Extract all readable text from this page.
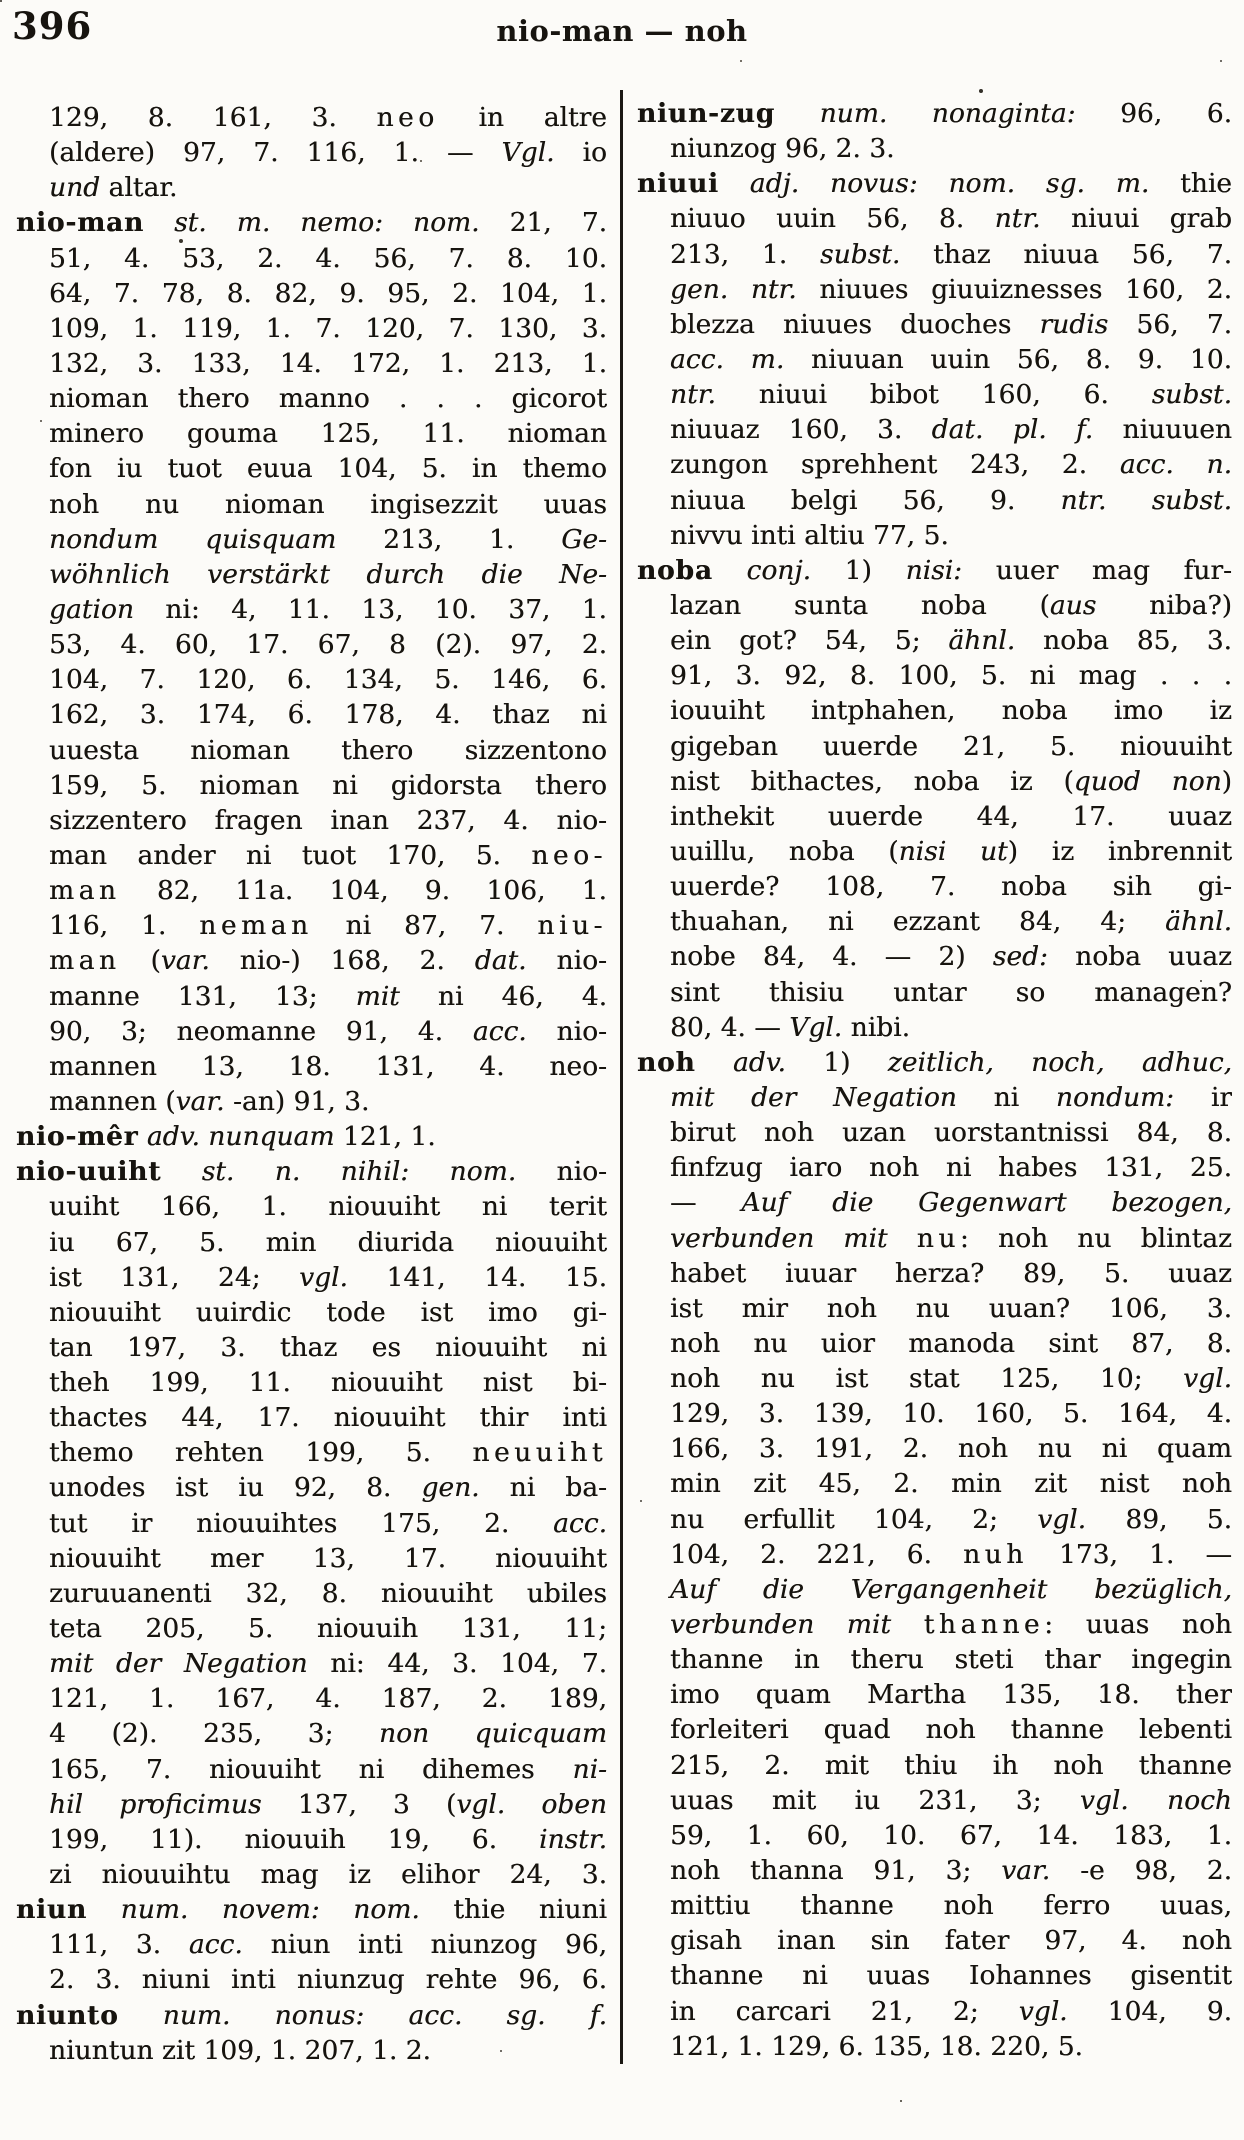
396	nio-man — noh
129, 8. 161, 3. neo in altre
(aldere) 97, 7. 116, 1. — Vgl. io
und altar.
nio-man st. m. nemo: nom. 21, 7.
51, 4. 53, 2. 4. 56, 7. 8. 10.
64, 7. 78, 8. 82, 9. 95, 2. 104, 1.
109, 1. 119, 1. 7. 120, 7. 130, 3.
132, 3. 133, 14. 172, 1. 213, 1.
nioman thero manno . . . gicorot
minero gouma 125, 11. nioman
fon iu tuot euua 104, 5. in themo
noh nu nioman ingisezzit uuas
nondum quisquam 213, 1. Ge-
wöhnlich verstärkt durch die Ne-
gation ni: 4, 11. 13, 10. 37, 1.
53, 4. 60, 17. 67, 8 (2). 97, 2.
104, 7. 120, 6. 134, 5. 146, 6.
162, 3. 174, 6. 178, 4. thaz ni
uuesta nioman thero sizzentono
159, 5. nioman ni gidorsta thero
sizzentero fragen inan 237, 4. nio-
man ander ni tuot 170, 5. neo-
man 82, 11a. 104, 9. 106, 1.
116, 1. neman ni 87, 7. niu-
man (var. nio-) 168, 2. dat. nio-
manne 131, 13; mit ni 46, 4.
90, 3; neomanne 91, 4. acc. nio-
mannen 13, 18. 131, 4. neo-
mannen (var. -an) 91, 3.
nio-mêr adv. nunquam 121, 1.
nio-uuiht st. n. nihil: nom. nio-
uuiht 166, 1. niouuiht ni terit
iu 67, 5. min diurida niouuiht
ist 131, 24; vgl. 141, 14. 15.
niouuiht uuirdic tode ist imo gi-
tan 197, 3. thaz es niouuiht ni
theh 199, 11. niouuiht nist bi-
thactes 44, 17. niouuiht thir inti
themo rehten 199, 5. neuuiht
unodes ist iu 92, 8. gen. ni ba-
tut ir niouuihtes 175, 2. acc.
niouuiht mer 13, 17. niouuiht
zuruuanenti 32, 8. niouuiht ubiles
teta 205, 5. niouuih 131, 11;
mit der Negation ni: 44, 3. 104, 7.
121, 1. 167, 4. 187, 2. 189,
4 (2). 235, 3; non quicquam
165, 7. niouuiht ni dihemes ni-
hil proficimus 137, 3 (vgl. oben
199, 11). niouuih 19, 6. instr.
zi niouuihtu mag iz elihor 24, 3.
niun num. novem: nom. thie niuni
111, 3. acc. niun inti niunzog 96,
2. 3. niuni inti niunzug rehte 96, 6.
niunto num. nonus: acc. sg. f.
niuntun zit 109, 1. 207, 1. 2.
niun-zug num. nonaginta: 96, 6.
niunzog 96, 2. 3.
niuui adj. novus: nom. sg. m. thie
niuuo uuin 56, 8. ntr. niuui grab
213, 1. subst. thaz niuua 56, 7.
gen. ntr. niuues giuuiznesses 160, 2.
blezza niuues duoches rudis 56, 7.
acc. m. niuuan uuin 56, 8. 9. 10.
ntr. niuui bibot 160, 6. subst.
niuuaz 160, 3. dat. pl. f. niuuuen
zungon sprehhent 243, 2. acc. n.
niuua belgi 56, 9. ntr. subst.
nivvu inti altiu 77, 5.
noba conj. 1) nisi: uuer mag fur-
lazan sunta noba (aus niba?)
ein got? 54, 5; ähnl. noba 85, 3.
91, 3. 92, 8. 100, 5. ni mag . . .
iouuiht intphahen, noba imo iz
gigeban uuerde 21, 5. niouuiht
nist bithactes, noba iz (quod non)
inthekit uuerde 44, 17. uuaz
uuillu, noba (nisi ut) iz inbrennit
uuerde? 108, 7. noba sih gi-
thuahan, ni ezzant 84, 4; ähnl.
nobe 84, 4. — 2) sed: noba uuaz
sint thisiu untar so managen?
80, 4. — Vgl. nibi.
noh adv. 1) zeitlich, noch, adhuc,
mit der Negation ni nondum: ir
birut noh uzan uorstantnissi 84, 8.
finfzug iaro noh ni habes 131, 25.
— Auf die Gegenwart bezogen,
verbunden mit nu: noh nu blintaz
habet iuuar herza? 89, 5. uuaz
ist mir noh nu uuan? 106, 3.
noh nu uior manoda sint 87, 8.
noh nu ist stat 125, 10; vgl.
129, 3. 139, 10. 160, 5. 164, 4.
166, 3. 191, 2. noh nu ni quam
min zit 45, 2. min zit nist noh
nu erfullit 104, 2; vgl. 89, 5.
104, 2. 221, 6. nuh 173, 1. —
Auf die Vergangenheit bezüglich,
verbunden mit thanne: uuas noh
thanne in theru steti thar ingegin
imo quam Martha 135, 18. ther
forleiteri quad noh thanne lebenti
215, 2. mit thiu ih noh thanne
uuas mit iu 231, 3; vgl. noch
59, 1. 60, 10. 67, 14. 183, 1.
noh thanna 91, 3; var. -e 98, 2.
mittiu thanne noh ferro uuas,
gisah inan sin fater 97, 4. noh
thanne ni uuas Iohannes gisentit
in carcari 21, 2; vgl. 104, 9.
121, 1. 129, 6. 135, 18. 220, 5.
